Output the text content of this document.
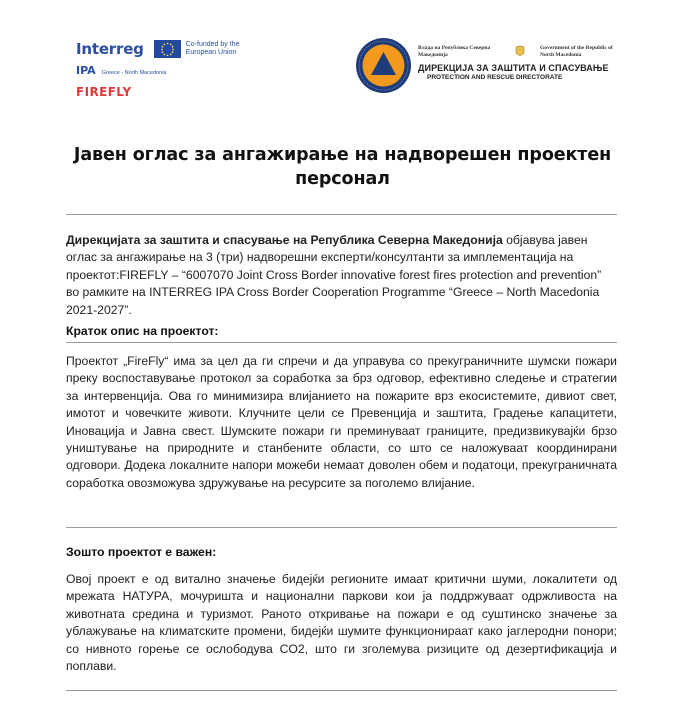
Interreg	Co-funded by the European Union
IPA Greece - North Macedonia
FIREFLY
Влада на Република Северна Македонија
Government of the Republic of North Macedonia
ДИРЕКЦИЈА ЗА ЗАШТИТА И СПАСУВАЊЕ
PROTECTION AND RESCUE DIRECTORATE
Јавен оглас за ангажирање на надворешен проектен
персонал
Дирекцијата за заштита и спасување на Република Северна Македонија објавува јавен оглас за ангажирање на 3 (три) надворешни експерти/консултанти за имплементација на проектот:FIREFLY – “6007070 Joint Cross Border innovative forest fires protection and prevention” во рамките на INTERREG IPA Cross Border Cooperation Programme “Greece – North Macedonia 2021-2027”.
Краток опис на проектот:
Проектот „FireFly“ има за цел да ги спречи и да управува со прекуграничните шумски пожари преку воспоставување протокол за соработка за брз одговор, ефективно следење и стратегии за интервенција. Ова го минимизира влијанието на пожарите врз екосистемите, дивиот свет, имотот и човечките животи. Клучните цели се Превенција и заштита, Градење капацитети, Иновација и Јавна свест. Шумските пожари ги преминуваат границите, предизвикувајќи брзо уништување на природните и станбените области, со што се наложуваат координирани одговори. Додека локалните напори можеби немаат доволен обем и податоци, прекуграничната соработка овозможува здружување на ресурсите за поголемо влијание.
Зошто проектот е важен:
Овој проект е од витално значење бидејќи регионите имаат критични шуми, локалитети од мрежата НАТУРА, мочуришта и национални паркови кои ја поддржуваат одржливоста на животната средина и туризмот. Раното откривање на пожари е од суштинско значење за ублажување на климатските промени, бидејќи шумите функционираат како јаглеродни понори; со нивното горење се ослободува CO2, што ги зголемува ризиците од дезертификација и поплави.
